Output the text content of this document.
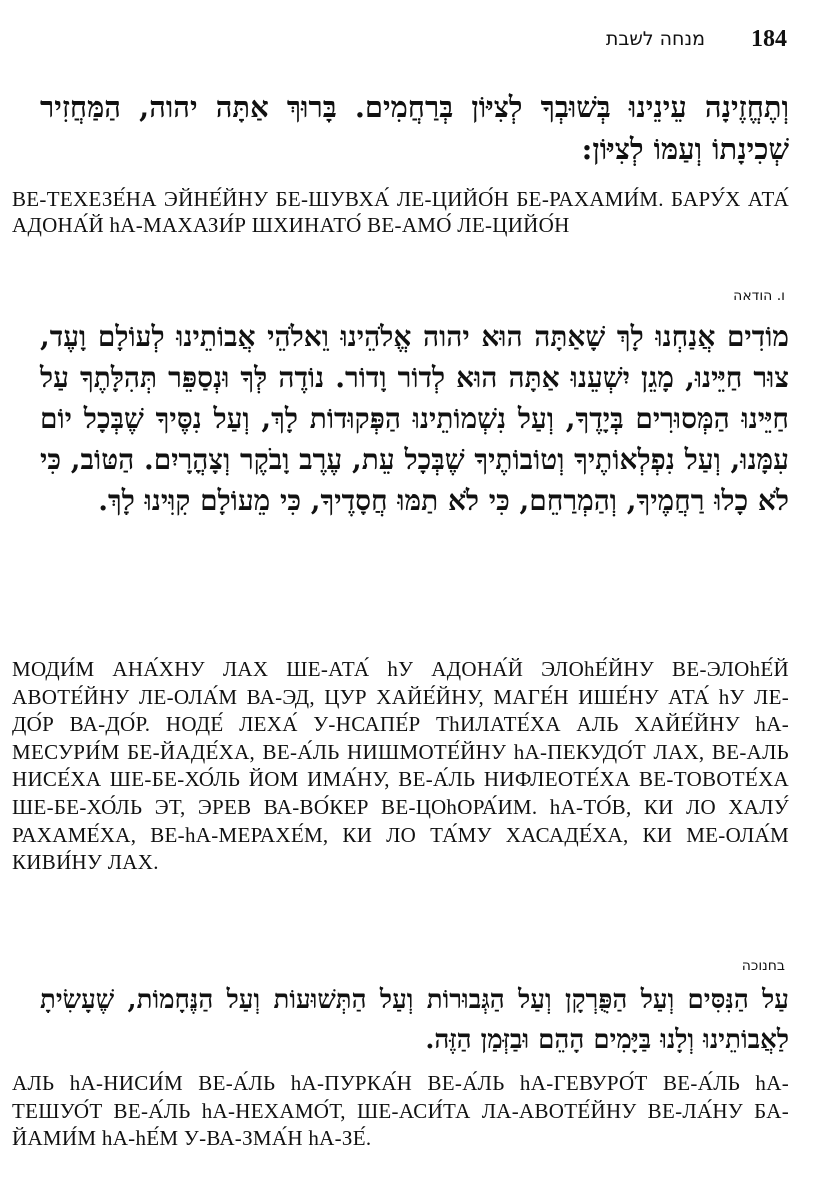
184
מנחה לשבת
וְתֶחֱזֶינָה עֵינֵינוּ בְּשׁוּבְךָ לְצִיּוֹן בְּרַחֲמִים. בָּרוּךְ אַתָּה יהוה, הַמַּחֲזִיר שְׁכִינָתוֹ וְעַמּוֹ לְצִיּוֹן:
ВЕ-ТЕХЕЗЕ́НА ЭЙНЕ́ЙНУ БЕ-ШУВХА́ ЛЕ-ЦИЙО́Н БЕ-РАХАМИ́М. БАРУ́Х АТА́ АДОНА́Й hА-МАХАЗИ́Р ШХИНАТО́ ВЕ-АМО́ ЛЕ-ЦИЙО́Н
ו. הודאה
מוֹדִים אֲנַחְנוּ לָךְ שָׁאַתָּה הוּא יהוה אֱלֹהֵינוּ וֵאלֹהֵי אֲבוֹתֵינוּ לְעוֹלָם וָעֶד, צוּר חַיֵּינוּ, מָגֵן יִשְׁעֵנוּ אַתָּה הוּא לְדוֹר וָדוֹר. נוֹדֶה לְּךָ וּנְסַפֵּר תְּהִלָּתֶךָ עַל חַיֵּינוּ הַמְּסוּרִים בְּיָדֶךָ, וְעַל נִשְׁמוֹתֵינוּ הַפְּקוּדוֹת לָךְ, וְעַל נִסֶּיךָ שֶׁבְּכָל יוֹם עִמָּנוּ, וְעַל נִפְלְאוֹתֶיךָ וְטוֹבוֹתֶיךָ שֶׁבְּכָל עֵת, עֶרֶב וָבֹקֶר וְצָהֳרָיִם. הַטּוֹב, כִּי לֹא כָלוּ רַחֲמֶיךָ, וְהַמְרַחֵם, כִּי לֹא תַמּוּ חֲסָדֶיךָ, כִּי מֵעוֹלָם קִוִּינוּ לָךְ.
МОДИ́М АНА́ХНУ ЛАХ ШЕ-АТА́ hУ АДОНА́Й ЭЛОhЕ́ЙНУ ВЕ-ЭЛОhЕ́Й АВОТЕ́ЙНУ ЛЕ-ОЛА́М ВА-ЭД, ЦУР ХАЙЕ́ЙНУ, МАГЕ́Н ИШЕ́НУ АТА́ hУ ЛЕ-ДО́Р ВА-ДО́Р. НОДЕ́ ЛЕХА́ У-НСАПЕ́Р ТhИЛАТЕ́ХА АЛЬ ХАЙЕ́ЙНУ hА-МЕСУРИ́М БЕ-ЙАДЕ́ХА, ВЕ-А́ЛЬ НИШМОТЕ́ЙНУ hА-ПЕКУДО́Т ЛАХ, ВЕ-АЛЬ НИСЕ́ХА ШЕ-БЕ-ХО́ЛЬ ЙОМ ИМА́НУ, ВЕ-А́ЛЬ НИФЛЕОТЕ́ХА ВЕ-ТОВОТЕ́ХА ШЕ-БЕ-ХО́ЛЬ ЭТ, ЭРЕВ ВА-ВО́КЕР ВЕ-ЦОhОРА́ИМ. hА-ТО́В, КИ ЛО ХАЛУ́ РАХАМЕ́ХА, ВЕ-hА-МЕРАХЕ́М, КИ ЛО ТА́МУ ХАСАДЕ́ХА, КИ МЕ-ОЛА́М КИВИ́НУ ЛАХ.
בחנוכה
עַל הַנִּסִּים וְעַל הַפֻּרְקָן וְעַל הַגְּבוּרוֹת וְעַל הַתְּשׁוּעוֹת וְעַל הַנֶּחָמוֹת, שֶׁעָשִׂיתָ לַאֲבוֹתֵינוּ וְלָנוּ בַּיָּמִים הָהֵם וּבַזְּמַן הַזֶּה.
АЛЬ hА-НИСИ́М ВЕ-А́ЛЬ hА-ПУРКА́Н ВЕ-А́ЛЬ hА-ГЕВУРО́Т ВЕ-А́ЛЬ hА-ТЕШУО́Т ВЕ-А́ЛЬ hА-НЕХАМО́Т, ШЕ-АСИ́ТА ЛА-АВОТЕ́ЙНУ ВЕ-ЛА́НУ БА-ЙАМИ́М hА-hЕ́М У-ВА-ЗМА́Н hА-ЗЕ́.
